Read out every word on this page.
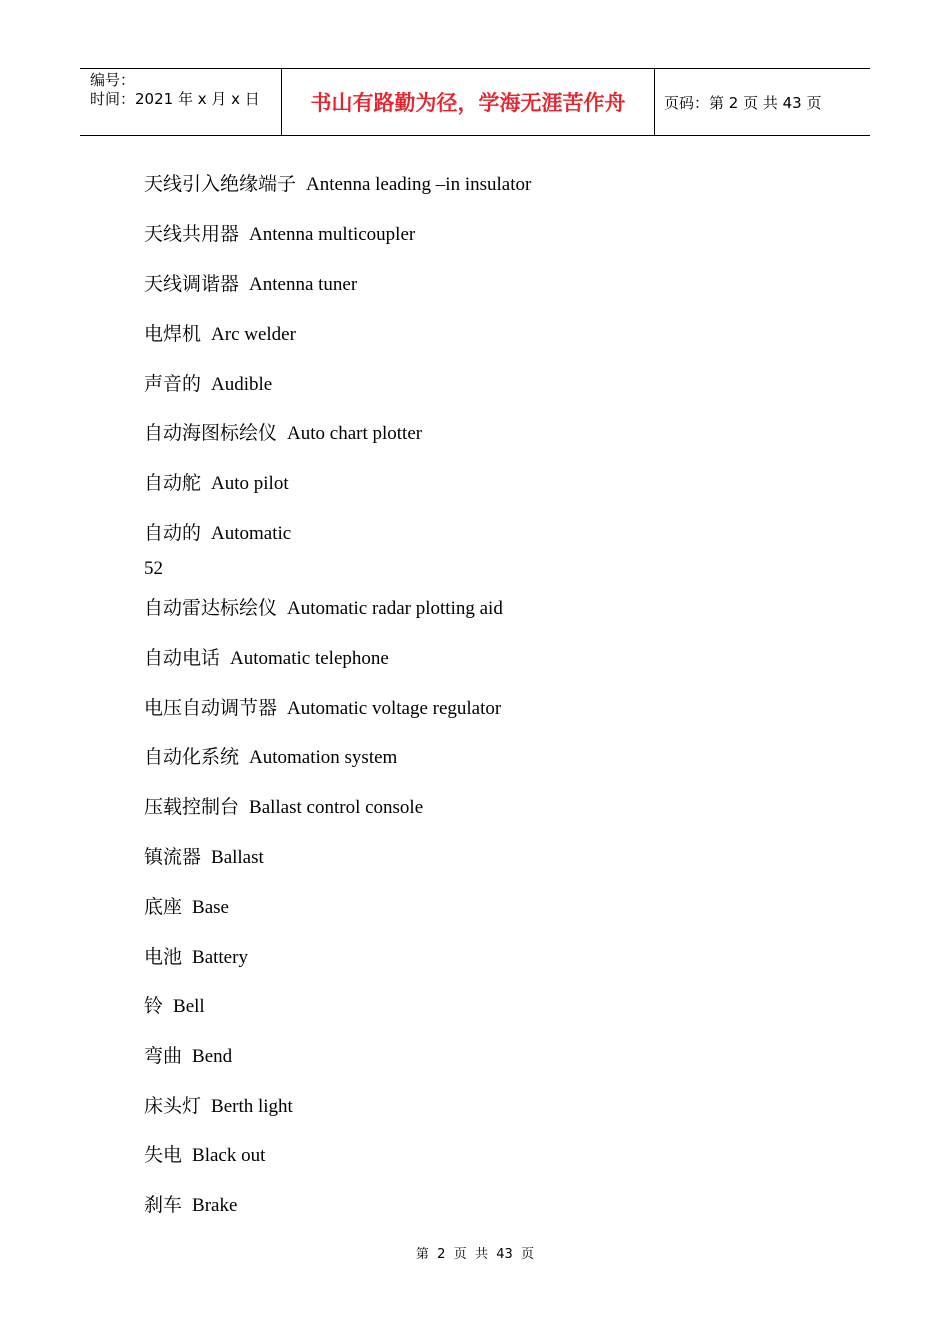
编号：
时间：2021 年 x 月 x 日	书山有路勤为径，学海无涯苦作舟	页码：第 2 页 共 43 页
天线引入绝缘端子 Antenna leading –in insulator
天线共用器 Antenna multicoupler
天线调谐器 Antenna tuner
电焊机 Arc welder
声音的 Audible
自动海图标绘仪 Auto chart plotter
自动舵 Auto pilot
自动的 Automatic
自动雷达标绘仪 Automatic radar plotting aid
自动电话 Automatic telephone
电压自动调节器 Automatic voltage regulator
自动化系统 Automation system
压载控制台 Ballast control console
镇流器 Ballast
底座 Base
电池 Battery
铃 Bell
弯曲 Bend
床头灯 Berth light
失电 Black out
刹车 Brake
52
第  2  页  共  43  页
